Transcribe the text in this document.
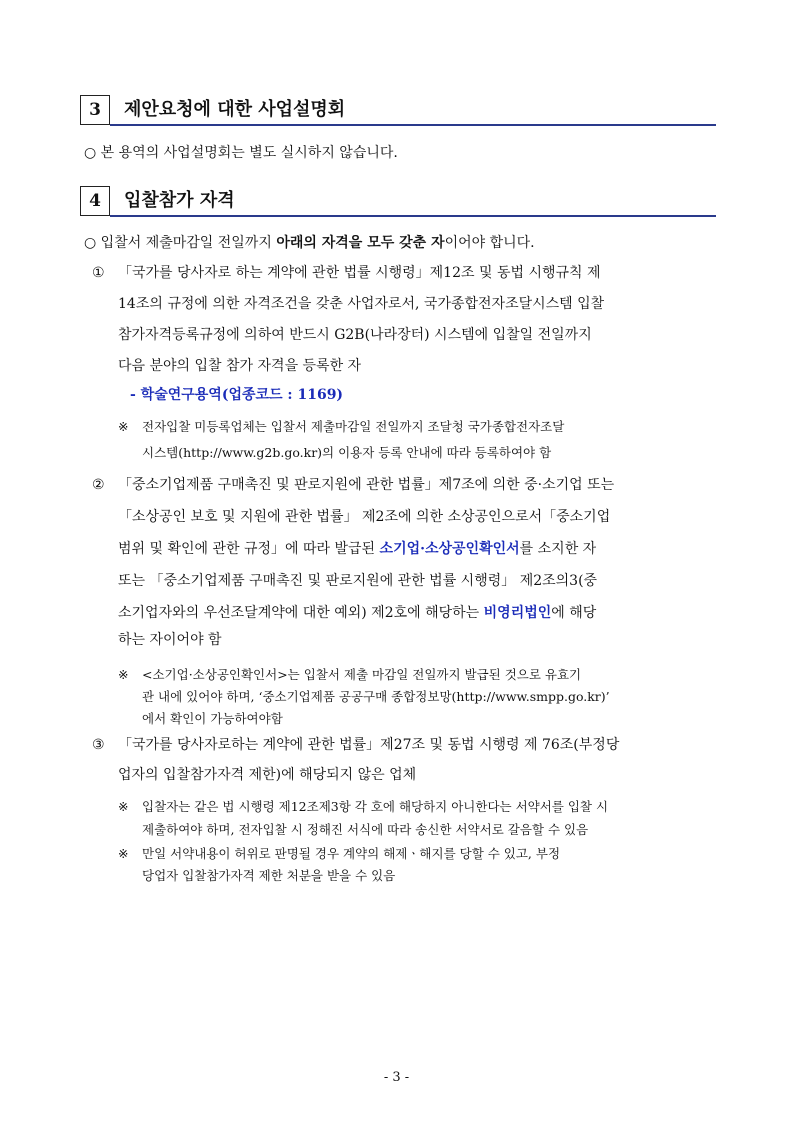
3	제안요청에 대한 사업설명회
○ 본 용역의 사업설명회는 별도 실시하지 않습니다.
4	입찰참가 자격
○ 입찰서 제출마감일 전일까지 아래의 자격을 모두 갖춘 자이어야 합니다.
① 「국가를 당사자로 하는 계약에 관한 법률 시행령」제12조 및 동법 시행규칙 제
14조의 규정에 의한 자격조건을 갖춘 사업자로서, 국가종합전자조달시스템 입찰
참가자격등록규정에 의하여 반드시 G2B(나라장터) 시스템에 입찰일 전일까지
다음 분야의 입찰 참가 자격을 등록한 자
- 학술연구용역(업종코드 : 1169)
※ 전자입찰 미등록업체는 입찰서 제출마감일 전일까지 조달청 국가종합전자조달
시스템(http://www.g2b.go.kr)의 이용자 등록 안내에 따라 등록하여야 함
② 「중소기업제품 구매촉진 및 판로지원에 관한 법률」제7조에 의한 중·소기업 또는
「소상공인 보호 및 지원에 관한 법률」 제2조에 의한 소상공인으로서「중소기업
범위 및 확인에 관한 규정」에 따라 발급된 소기업·소상공인확인서를 소지한 자
또는 「중소기업제품 구매촉진 및 판로지원에 관한 법률 시행령」 제2조의3(중
소기업자와의 우선조달계약에 대한 예외) 제2호에 해당하는 비영리법인에 해당
하는 자이어야 함
※ <소기업·소상공인확인서>는 입찰서 제출 마감일 전일까지 발급된 것으로 유효기
관 내에 있어야 하며, ‘중소기업제품 공공구매 종합정보망(http://www.smpp.go.kr)’
에서 확인이 가능하여야함
③ 「국가를 당사자로하는 계약에 관한 법률」제27조 및 동법 시행령 제 76조(부정당
업자의 입찰참가자격 제한)에 해당되지 않은 업체
※ 입찰자는 같은 법 시행령 제12조제3항 각 호에 해당하지 아니한다는 서약서를 입찰 시
제출하여야 하며, 전자입찰 시 정해진 서식에 따라 송신한 서약서로 갈음할 수 있음
※ 만일 서약내용이 허위로 판명될 경우 계약의 해제ㆍ해지를 당할 수 있고, 부정
당업자 입찰참가자격 제한 처분을 받을 수 있음
- 3 -
